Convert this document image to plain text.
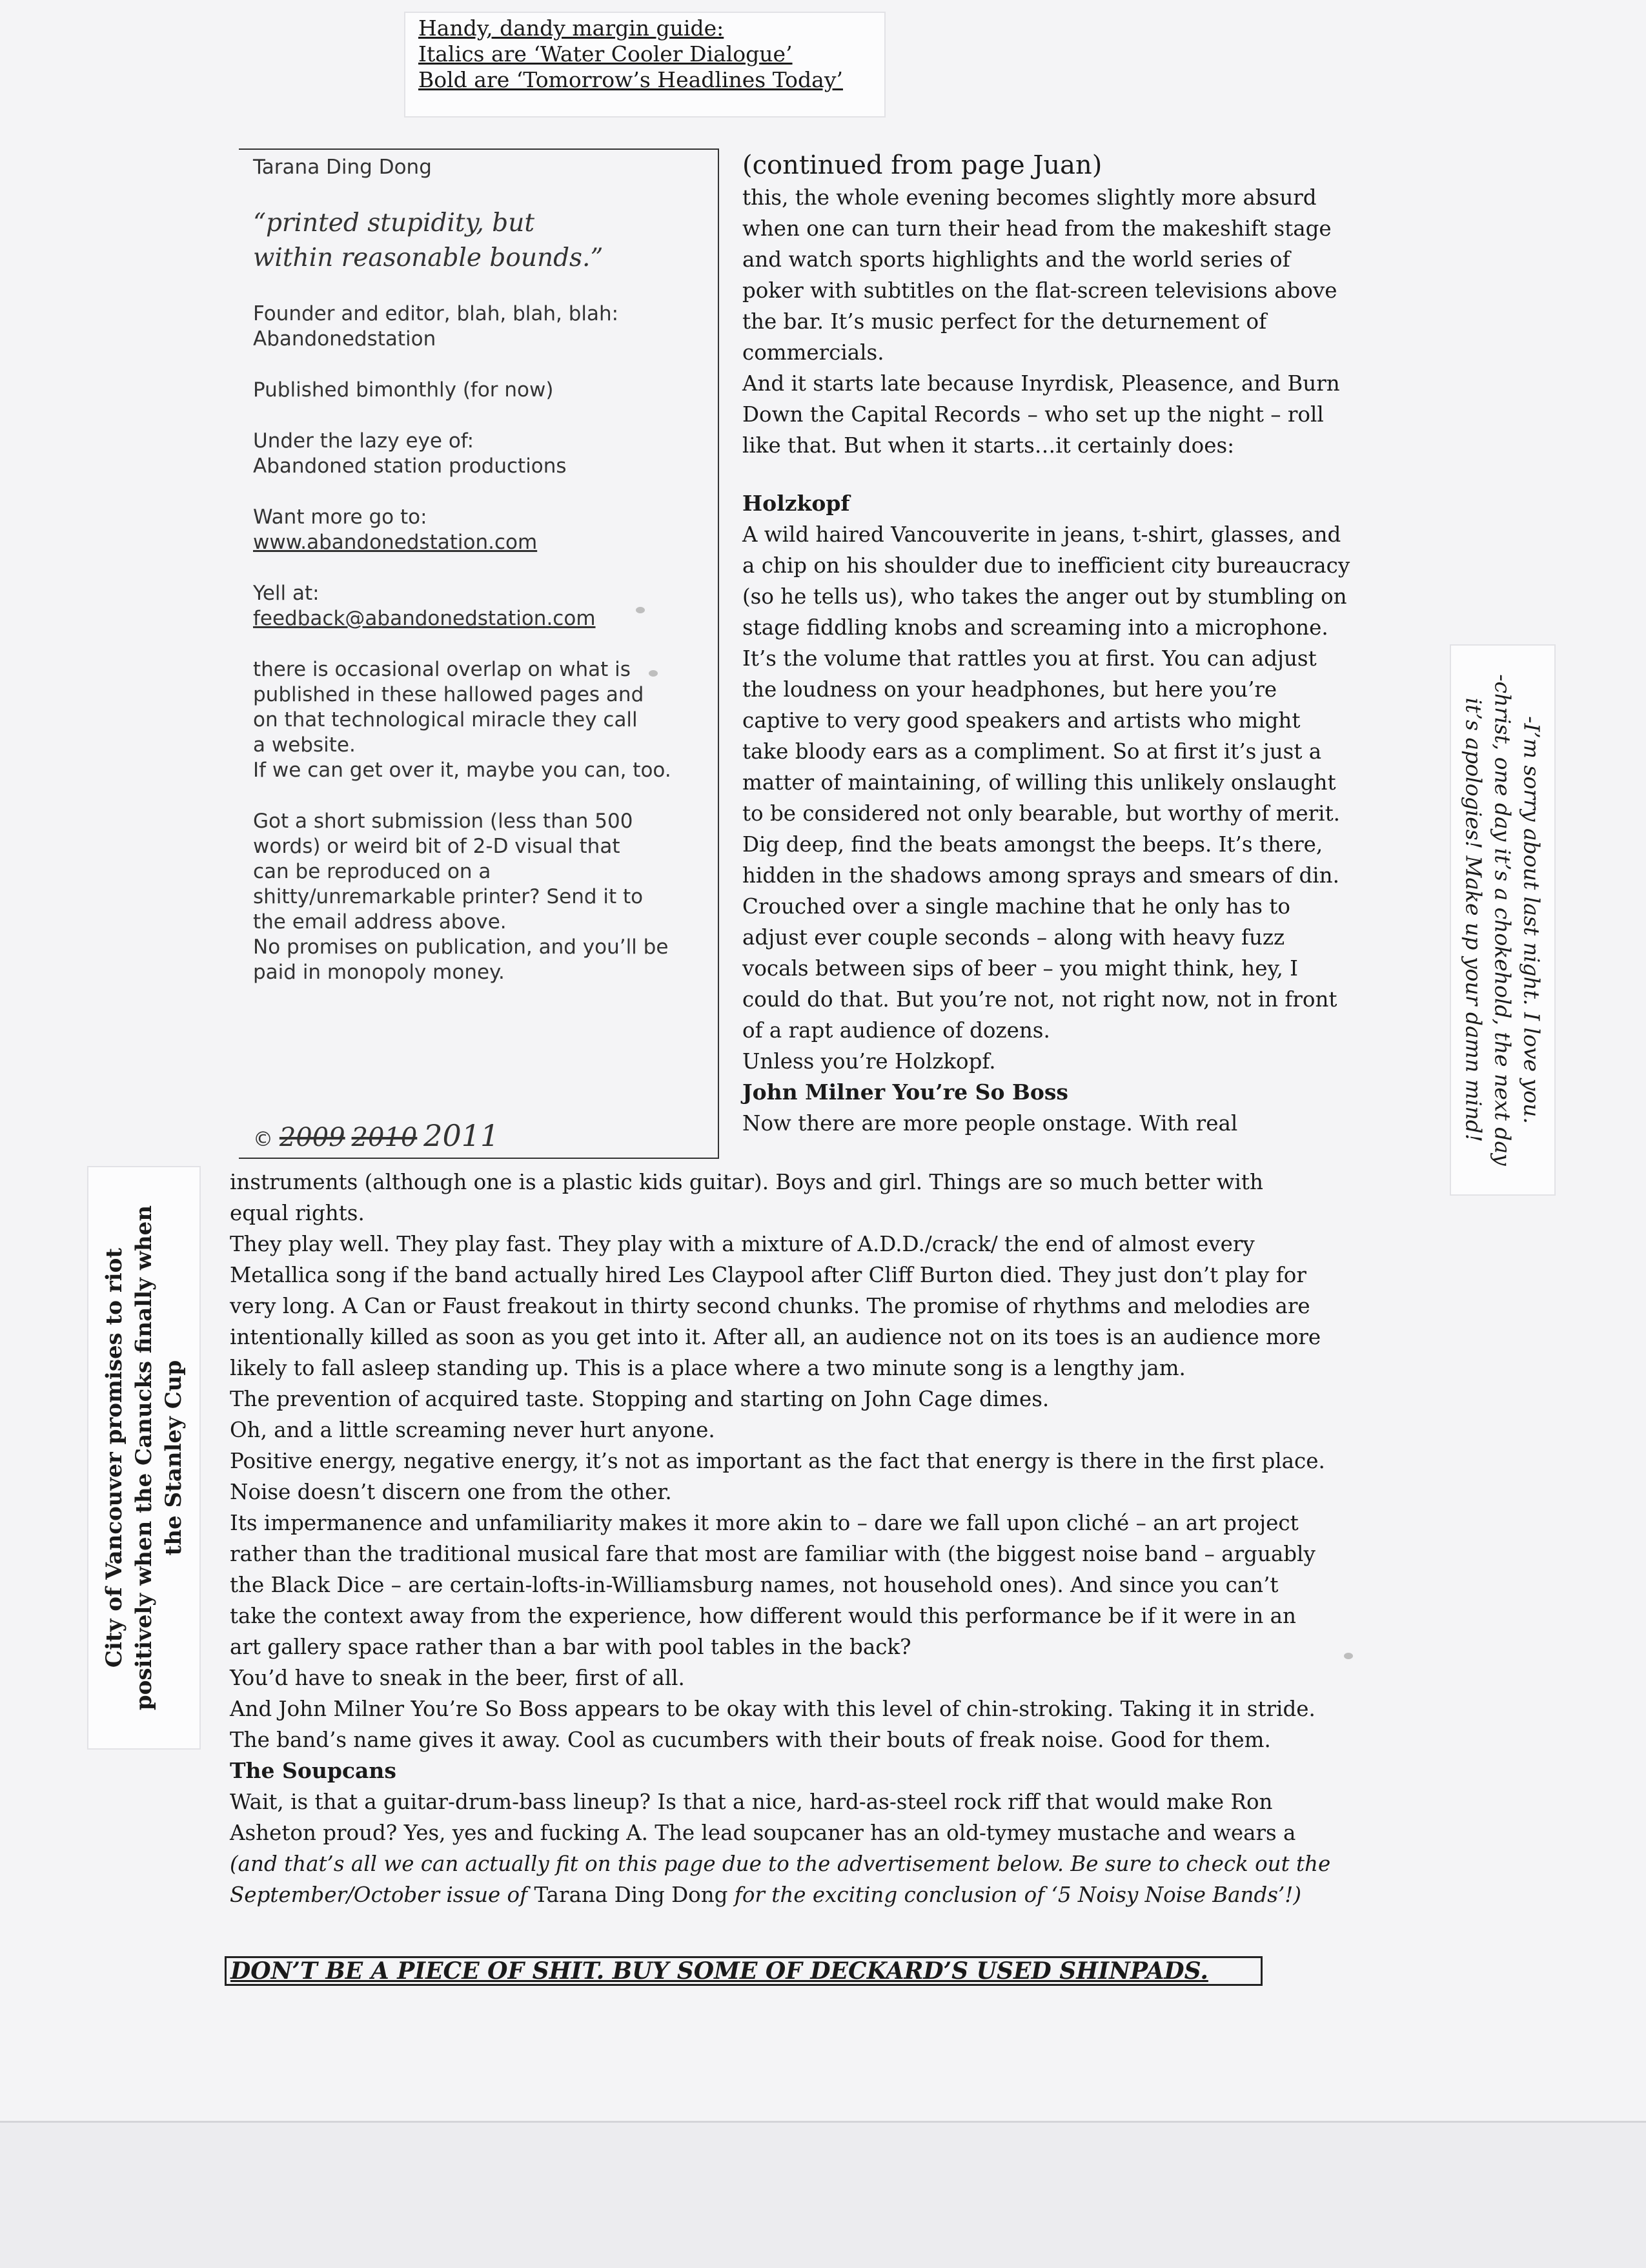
Handy, dandy margin guide:
Italics are ‘Water Cooler Dialogue’
Bold are ‘Tomorrow’s Headlines Today’

Tarana Ding Dong

“printed stupidity, but
within reasonable bounds.”

Founder and editor, blah, blah, blah:
Abandonedstation

Published bimonthly (for now)

Under the lazy eye of:
Abandoned station productions

Want more go to:
www.abandonedstation.com

Yell at:
feedback@abandonedstation.com

there is occasional overlap on what is
published in these hallowed pages and
on that technological miracle they call
a website.
If we can get over it, maybe you can, too.

Got a short submission (less than 500
words) or weird bit of 2-D visual that
can be reproduced on a
shitty/unremarkable printer? Send it to
the email address above.
No promises on publication, and you’ll be
paid in monopoly money.

© 2009 2010 2011
(continued from page Juan)
this, the whole evening becomes slightly more absurd
when one can turn their head from the makeshift stage
and watch sports highlights and the world series of
poker with subtitles on the flat-screen televisions above
the bar. It’s music perfect for the deturnement of
commercials.
And it starts late because Inyrdisk, Pleasence, and Burn
Down the Capital Records – who set up the night – roll
like that. But when it starts…it certainly does:
Holzkopf
A wild haired Vancouverite in jeans, t-shirt, glasses, and
a chip on his shoulder due to inefficient city bureaucracy
(so he tells us), who takes the anger out by stumbling on
stage fiddling knobs and screaming into a microphone.
It’s the volume that rattles you at first. You can adjust
the loudness on your headphones, but here you’re
captive to very good speakers and artists who might
take bloody ears as a compliment. So at first it’s just a
matter of maintaining, of willing this unlikely onslaught
to be considered not only bearable, but worthy of merit.
Dig deep, find the beats amongst the beeps. It’s there,
hidden in the shadows among sprays and smears of din.
Crouched over a single machine that he only has to
adjust ever couple seconds – along with heavy fuzz
vocals between sips of beer – you might think, hey, I
could do that. But you’re not, not right now, not in front
of a rapt audience of dozens.
Unless you’re Holzkopf.
John Milner You’re So Boss
Now there are more people onstage. With real
instruments (although one is a plastic kids guitar). Boys and girl. Things are so much better with
equal rights.
They play well. They play fast. They play with a mixture of A.D.D./crack/ the end of almost every
Metallica song if the band actually hired Les Claypool after Cliff Burton died. They just don’t play for
very long. A Can or Faust freakout in thirty second chunks. The promise of rhythms and melodies are
intentionally killed as soon as you get into it. After all, an audience not on its toes is an audience more
likely to fall asleep standing up. This is a place where a two minute song is a lengthy jam.
The prevention of acquired taste. Stopping and starting on John Cage dimes.
Oh, and a little screaming never hurt anyone.
Positive energy, negative energy, it’s not as important as the fact that energy is there in the first place.
Noise doesn’t discern one from the other.
Its impermanence and unfamiliarity makes it more akin to – dare we fall upon cliché – an art project
rather than the traditional musical fare that most are familiar with (the biggest noise band – arguably
the Black Dice – are certain-lofts-in-Williamsburg names, not household ones). And since you can’t
take the context away from the experience, how different would this performance be if it were in an
art gallery space rather than a bar with pool tables in the back?
You’d have to sneak in the beer, first of all.
And John Milner You’re So Boss appears to be okay with this level of chin-stroking. Taking it in stride.
The band’s name gives it away. Cool as cucumbers with their bouts of freak noise. Good for them.
The Soupcans
Wait, is that a guitar-drum-bass lineup? Is that a nice, hard-as-steel rock riff that would make Ron
Asheton proud? Yes, yes and fucking A. The lead soupcaner has an old-tymey mustache and wears a
(and that’s all we can actually fit on this page due to the advertisement below. Be sure to check out the
September/October issue of Tarana Ding Dong for the exciting conclusion of ‘5 Noisy Noise Bands’!)
City of Vancouver promises to riot positively when the Canucks finally when the Stanley Cup
-I’m sorry about last night. I love you.
-christ, one day it’s a chokehold, the next day
it’s apologies! Make up your damn mind!
DON’T BE A PIECE OF SHIT. BUY SOME OF DECKARD’S USED SHINPADS.
